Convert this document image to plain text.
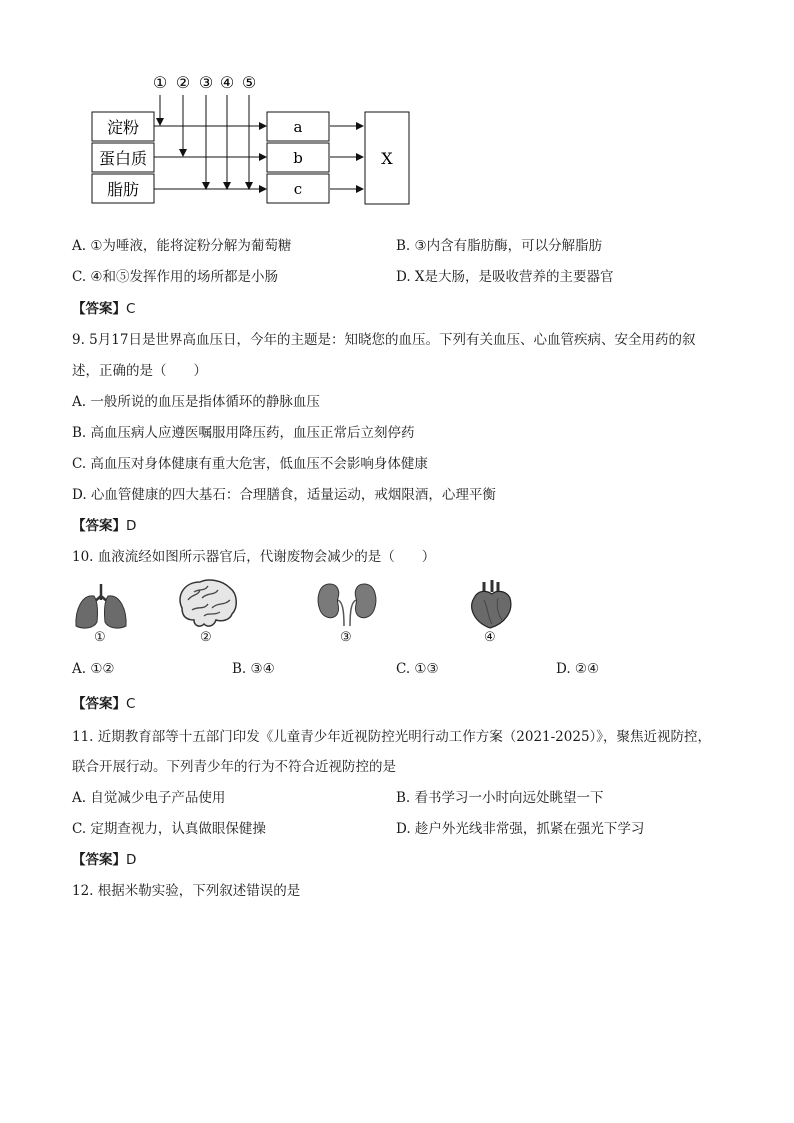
① ② ③ ④ ⑤
淀粉
蛋白质
脂肪
a
b
c
X
A. ①为唾液，能将淀粉分解为葡萄糖	B. ③内含有脂肪酶，可以分解脂肪
C. ④和⑤发挥作用的场所都是小肠	D. X是大肠，是吸收营养的主要器官
【答案】C
9. 5月17日是世界高血压日，今年的主题是：知晓您的血压。下列有关血压、心血管疾病、安全用药的叙
述，正确的是（　　）
A. 一般所说的血压是指体循环的静脉血压
B. 高血压病人应遵医嘱服用降压药，血压正常后立刻停药
C. 高血压对身体健康有重大危害，低血压不会影响身体健康
D. 心血管健康的四大基石：合理膳食，适量运动，戒烟限酒，心理平衡
【答案】D
10. 血液流经如图所示器官后，代谢废物会减少的是（　　）
①	②	③	④
A. ①②	B. ③④	C. ①③	D. ②④
【答案】C
11. 近期教育部等十五部门印发《儿童青少年近视防控光明行动工作方案（2021-2025）》，聚焦近视防控，
联合开展行动。下列青少年的行为不符合近视防控的是
A. 自觉减少电子产品使用	B. 看书学习一小时向远处眺望一下
C. 定期查视力，认真做眼保健操	D. 趁户外光线非常强，抓紧在强光下学习
【答案】D
12. 根据米勒实验，下列叙述错误的是
